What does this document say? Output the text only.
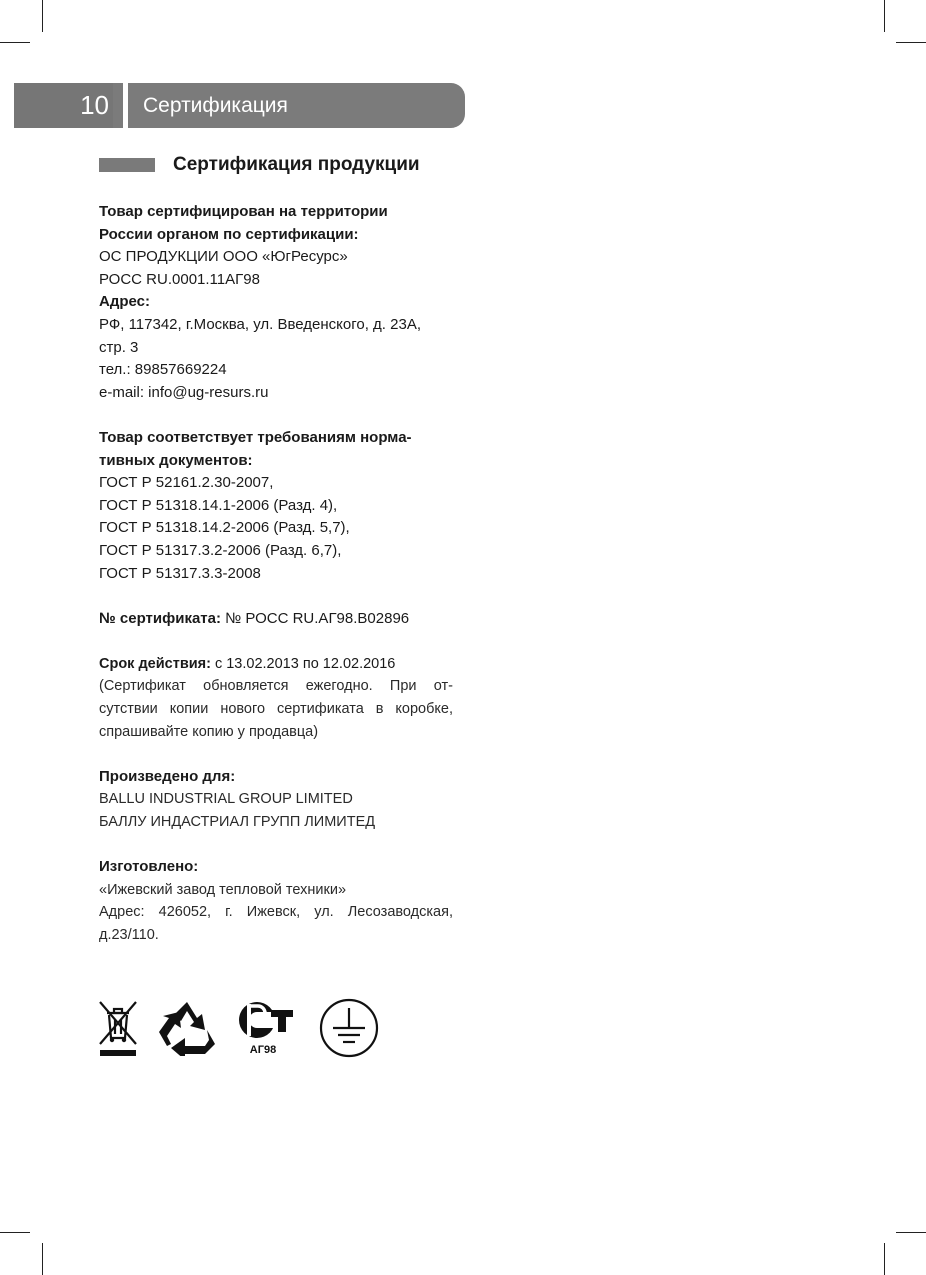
10 Сертификация
Сертификация продукции

Товар сертифицирован на территории

России органом по сертификации:

ОС ПРОДУКЦИИ ООО «ЮгРесурс»

РОСС RU.0001.11АГ98

Адрес:

РФ, 117342, г.Москва, ул. Введенского, д. 23А,

стр. 3

тел.: 89857669224

e-mail: info@ug-resurs.ru

Товар соответствует требованиям норма-

тивных документов:

ГОСТ Р 52161.2.30-2007,

ГОСТ Р 51318.14.1-2006 (Разд. 4),

ГОСТ Р 51318.14.2-2006 (Разд. 5,7),

ГОСТ Р 51317.3.2-2006 (Разд. 6,7),

ГОСТ Р 51317.3.3-2008

№ сертификата: № РОСС RU.АГ98.В02896

Срок действия: с 13.02.2013 по 12.02.2016

(Сертификат обновляется ежегодно. При отсутствии копии нового сертификата в коробке, спрашивайте копию у продавца)

Произведено для:

BALLU INDUSTRIAL GROUP LIMITED

БАЛЛУ ИНДАСТРИАЛ ГРУПП ЛИМИТЕД

Изготовлено:

«Ижевский завод тепловой техники»

Адрес: 426052, г. Ижевск, ул. Лесозаводская, д.23/110.

АГ98
